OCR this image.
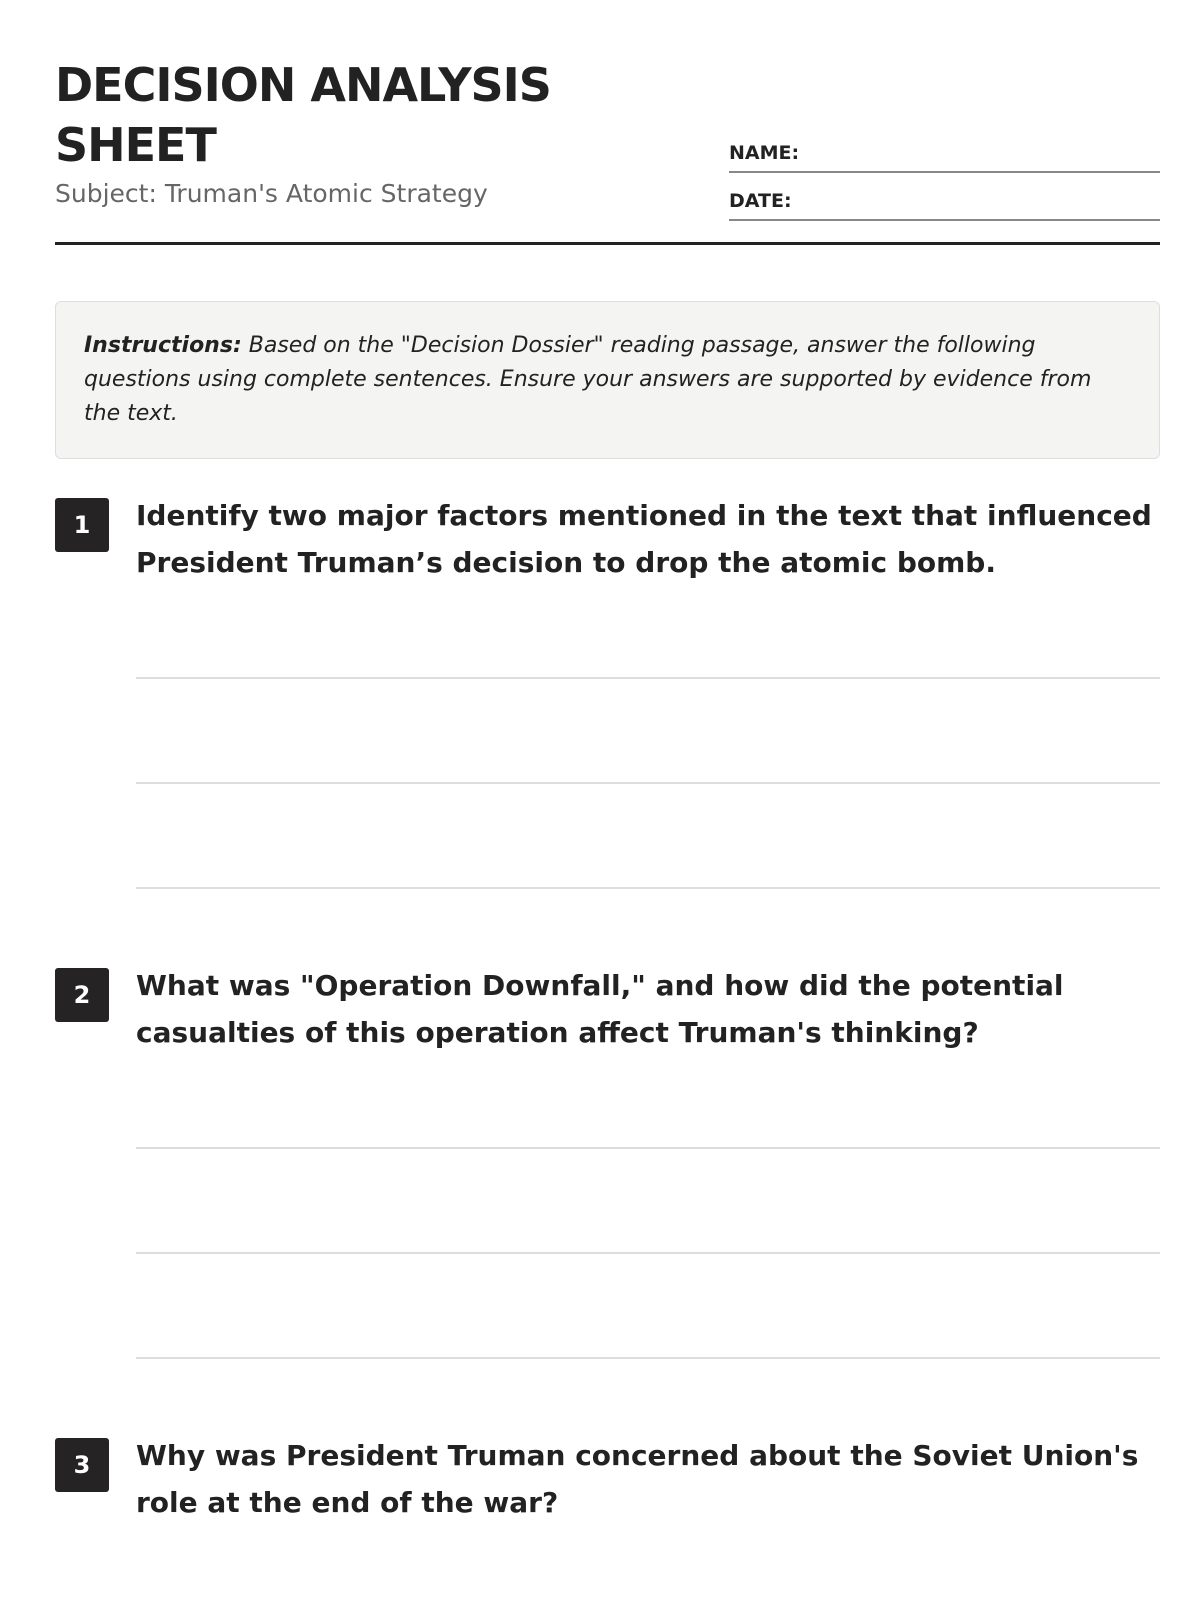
DECISION ANALYSIS SHEET
Subject: Truman's Atomic Strategy
NAME:
DATE:
Instructions: Based on the "Decision Dossier" reading passage, answer the following questions using complete sentences. Ensure your answers are supported by evidence from the text.
1	Identify two major factors mentioned in the text that influenced President Truman’s decision to drop the atomic bomb.
2	What was "Operation Downfall," and how did the potential casualties of this operation affect Truman's thinking?
3	Why was President Truman concerned about the Soviet Union's role at the end of the war?
